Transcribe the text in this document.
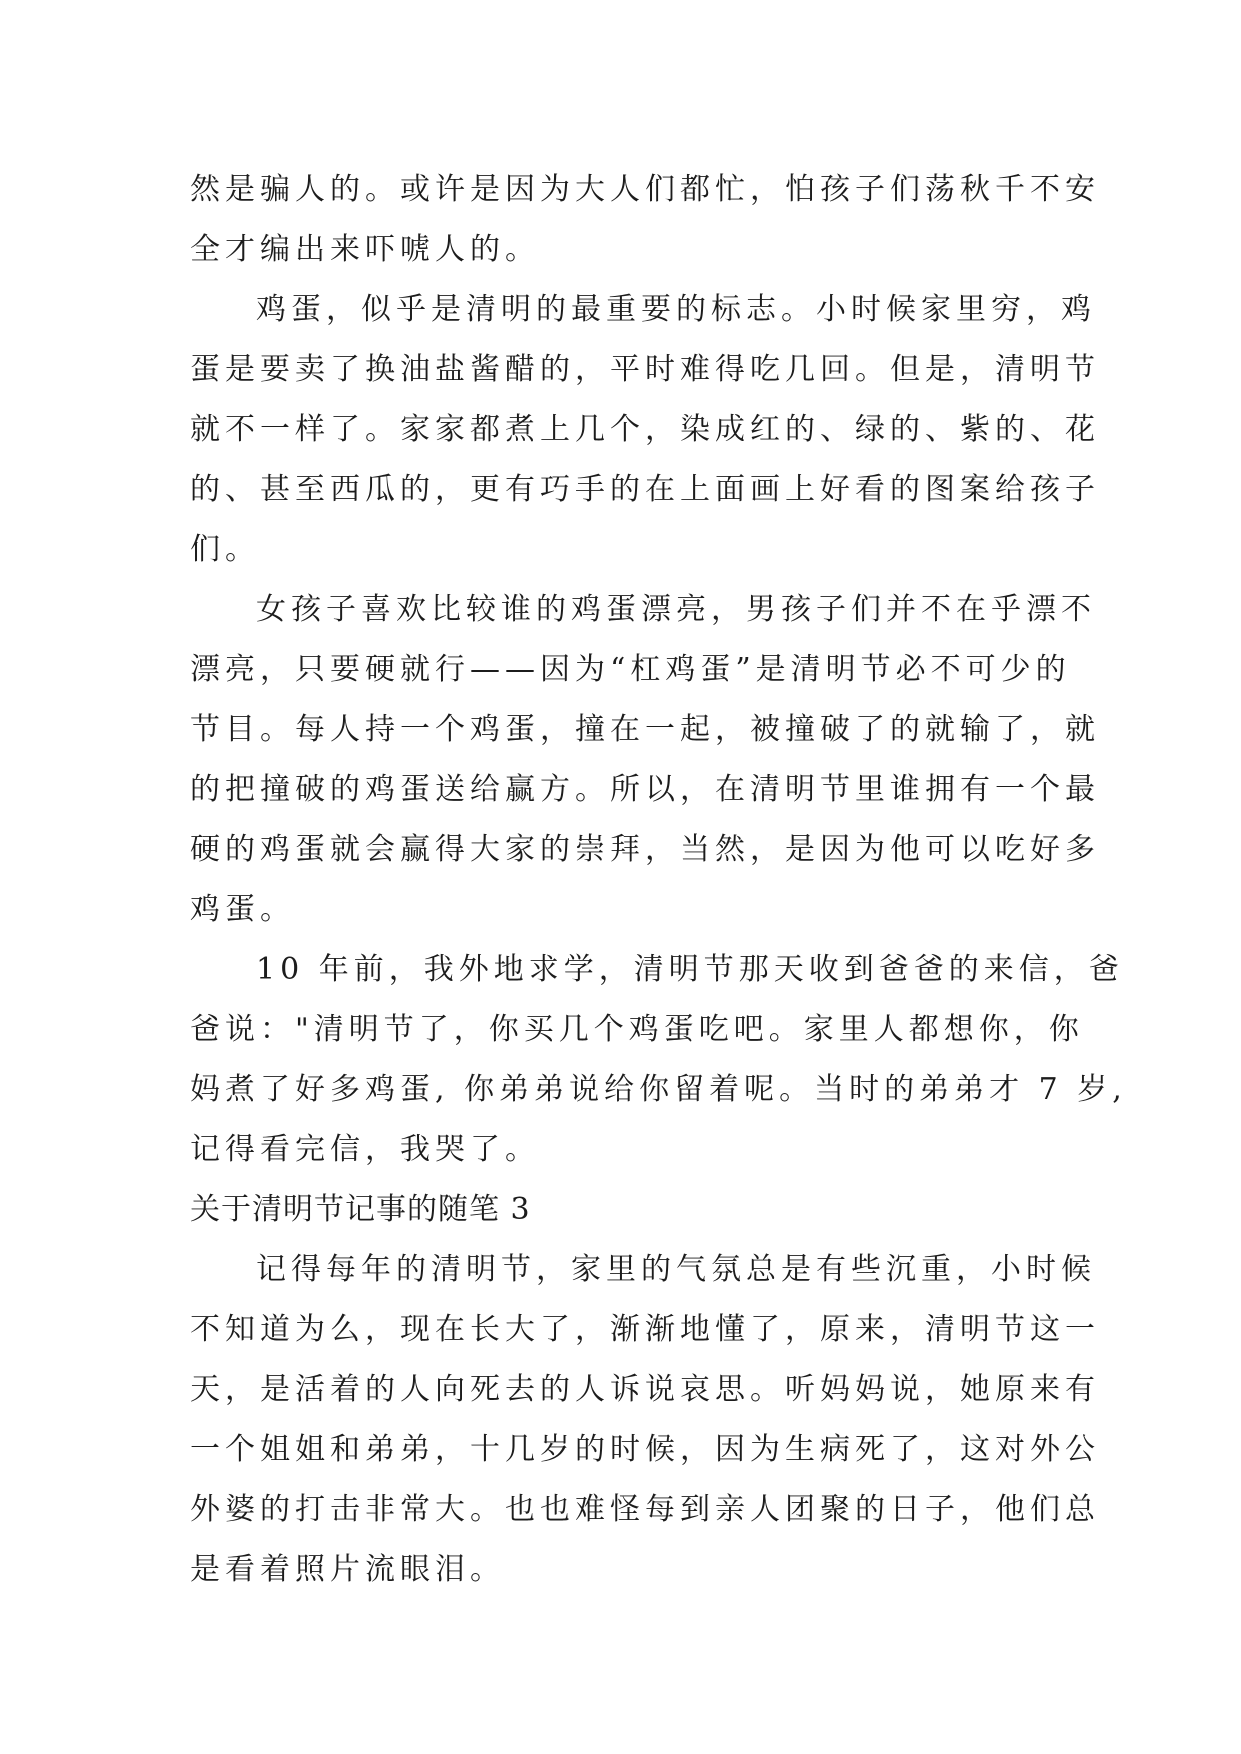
然是骗人的。或许是因为大人们都忙，怕孩子们荡秋千不安
全才编出来吓唬人的。
鸡蛋，似乎是清明的最重要的标志。小时候家里穷，鸡
蛋是要卖了换油盐酱醋的，平时难得吃几回。但是，清明节
就不一样了。家家都煮上几个，染成红的、绿的、紫的、花
的、甚至西瓜的，更有巧手的在上面画上好看的图案给孩子
们。
女孩子喜欢比较谁的鸡蛋漂亮，男孩子们并不在乎漂不
漂亮，只要硬就行——因为“杠鸡蛋”是清明节必不可少的
节目。每人持一个鸡蛋，撞在一起，被撞破了的就输了，就
的把撞破的鸡蛋送给赢方。所以，在清明节里谁拥有一个最
硬的鸡蛋就会赢得大家的崇拜，当然，是因为他可以吃好多
鸡蛋。
10 年前，我外地求学，清明节那天收到爸爸的来信，爸
爸说："清明节了，你买几个鸡蛋吃吧。家里人都想你，你
妈煮了好多鸡蛋, 你弟弟说给你留着呢。当时的弟弟才 7 岁,
记得看完信，我哭了。
关于清明节记事的随笔 3
记得每年的清明节，家里的气氛总是有些沉重，小时候
不知道为么，现在长大了，渐渐地懂了，原来，清明节这一
天，是活着的人向死去的人诉说哀思。听妈妈说，她原来有
一个姐姐和弟弟，十几岁的时候，因为生病死了，这对外公
外婆的打击非常大。也也难怪每到亲人团聚的日子，他们总
是看着照片流眼泪。
